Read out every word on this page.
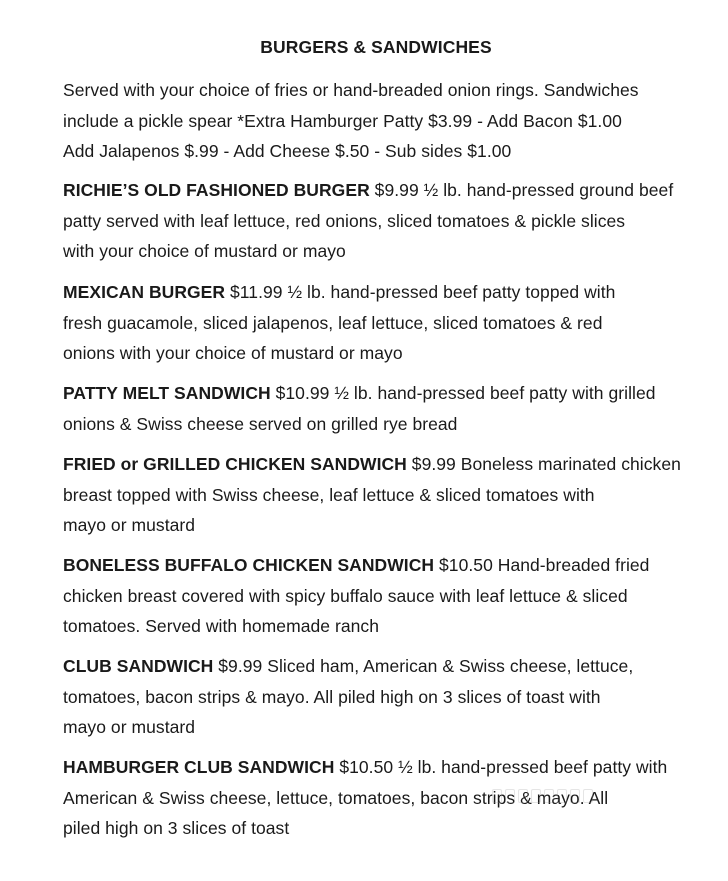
BURGERS & SANDWICHES
Served with your choice of fries or hand-breaded onion rings. Sandwiches
include a pickle spear *Extra Hamburger Patty $3.99 - Add Bacon $1.00
Add Jalapenos $.99 - Add Cheese $.50 - Sub sides $1.00
RICHIE’S OLD FASHIONED BURGER $9.99 ½ lb. hand-pressed ground beef
patty served with leaf lettuce, red onions, sliced tomatoes & pickle slices
with your choice of mustard or mayo
MEXICAN BURGER $11.99 ½ lb. hand-pressed beef patty topped with
fresh guacamole, sliced jalapenos, leaf lettuce, sliced tomatoes & red
onions with your choice of mustard or mayo
PATTY MELT SANDWICH $10.99 ½ lb. hand-pressed beef patty with grilled
onions & Swiss cheese served on grilled rye bread
FRIED or GRILLED CHICKEN SANDWICH $9.99 Boneless marinated chicken
breast topped with Swiss cheese, leaf lettuce & sliced tomatoes with
mayo or mustard
BONELESS BUFFALO CHICKEN SANDWICH $10.50 Hand-breaded fried
chicken breast covered with spicy buffalo sauce with leaf lettuce & sliced
tomatoes. Served with homemade ranch
CLUB SANDWICH $9.99 Sliced ham, American & Swiss cheese, lettuce,
tomatoes, bacon strips & mayo. All piled high on 3 slices of toast with
mayo or mustard
HAMBURGER CLUB SANDWICH $10.50 ½ lb. hand-pressed beef patty with
American & Swiss cheese, lettuce, tomatoes, bacon strips & mayo. All
piled high on 3 slices of toast
